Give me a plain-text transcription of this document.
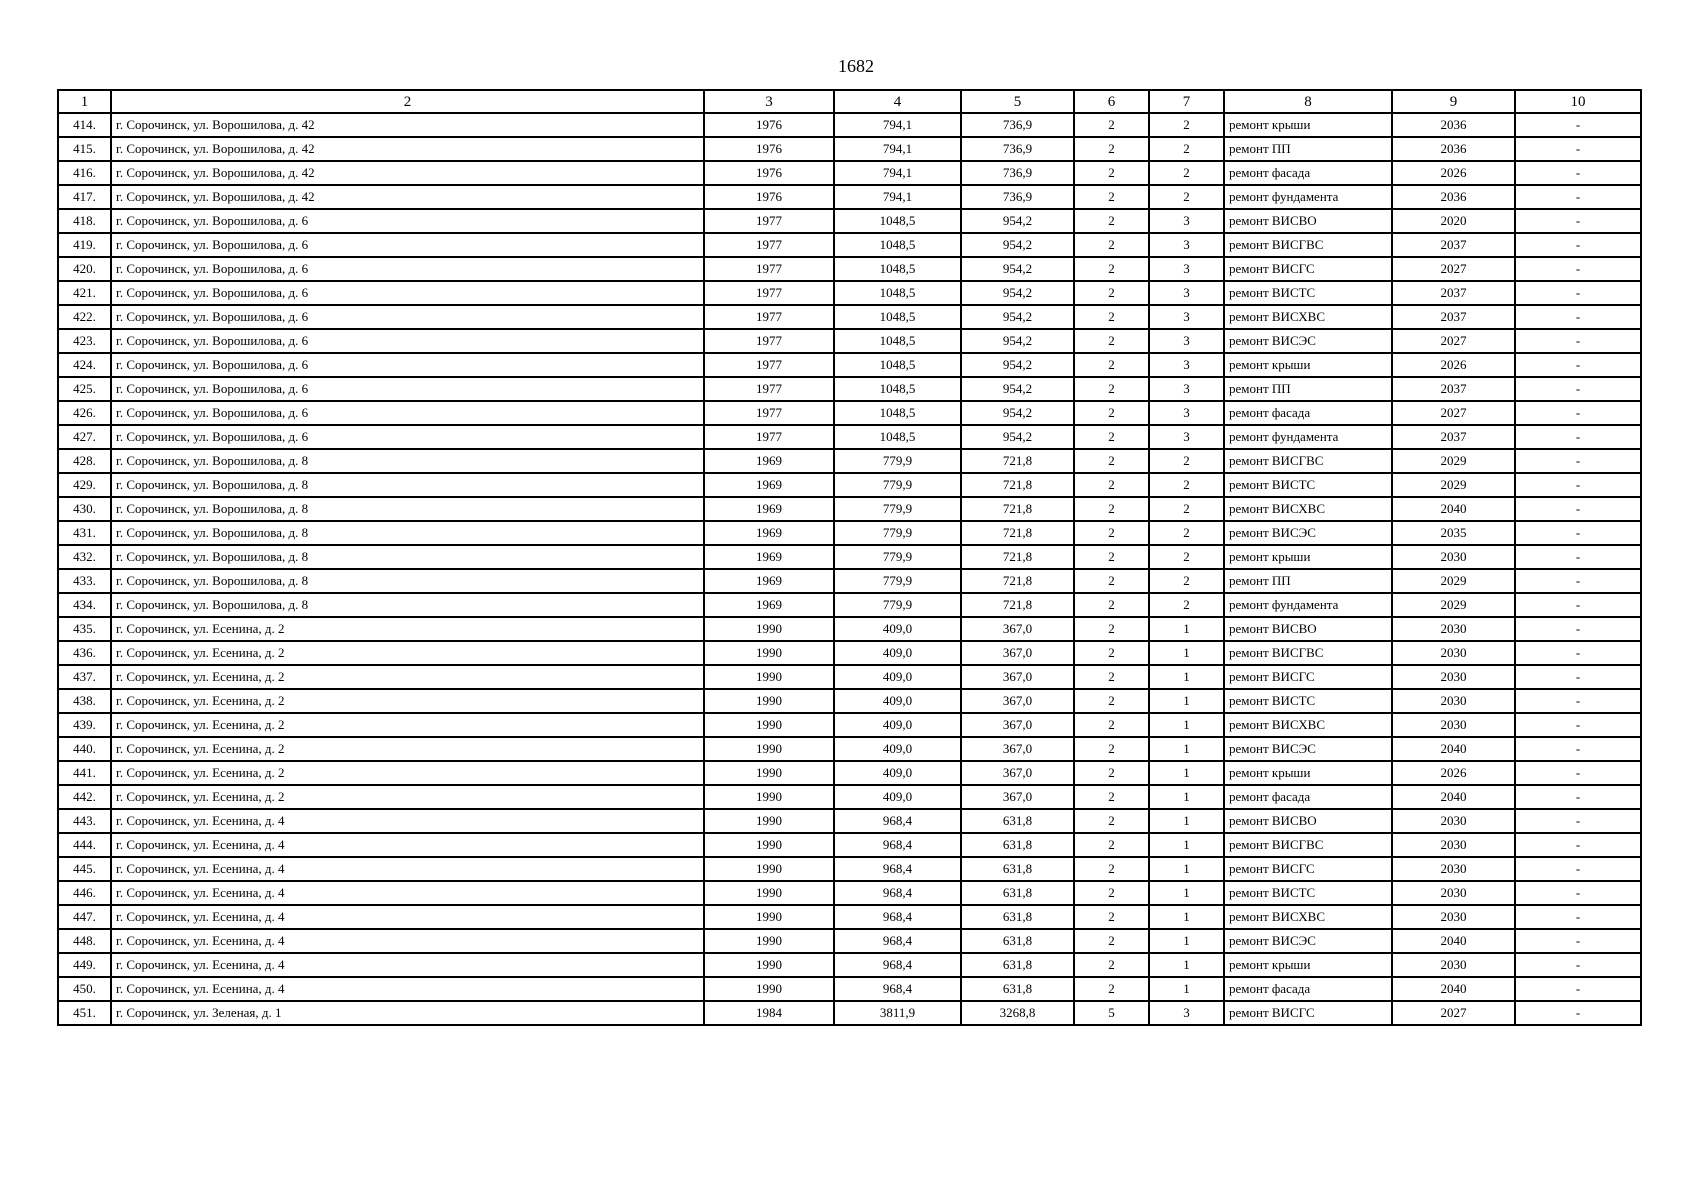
1682
1	2	3	4	5	6	7	8	9	10
414.	г. Сорочинск, ул. Ворошилова, д. 42	1976	794,1	736,9	2	2	ремонт крыши	2036	-
415.	г. Сорочинск, ул. Ворошилова, д. 42	1976	794,1	736,9	2	2	ремонт ПП	2036	-
416.	г. Сорочинск, ул. Ворошилова, д. 42	1976	794,1	736,9	2	2	ремонт фасада	2026	-
417.	г. Сорочинск, ул. Ворошилова, д. 42	1976	794,1	736,9	2	2	ремонт фундамента	2036	-
418.	г. Сорочинск, ул. Ворошилова, д. 6	1977	1048,5	954,2	2	3	ремонт ВИСВО	2020	-
419.	г. Сорочинск, ул. Ворошилова, д. 6	1977	1048,5	954,2	2	3	ремонт ВИСГВС	2037	-
420.	г. Сорочинск, ул. Ворошилова, д. 6	1977	1048,5	954,2	2	3	ремонт ВИСГС	2027	-
421.	г. Сорочинск, ул. Ворошилова, д. 6	1977	1048,5	954,2	2	3	ремонт ВИСТС	2037	-
422.	г. Сорочинск, ул. Ворошилова, д. 6	1977	1048,5	954,2	2	3	ремонт ВИСХВС	2037	-
423.	г. Сорочинск, ул. Ворошилова, д. 6	1977	1048,5	954,2	2	3	ремонт ВИСЭС	2027	-
424.	г. Сорочинск, ул. Ворошилова, д. 6	1977	1048,5	954,2	2	3	ремонт крыши	2026	-
425.	г. Сорочинск, ул. Ворошилова, д. 6	1977	1048,5	954,2	2	3	ремонт ПП	2037	-
426.	г. Сорочинск, ул. Ворошилова, д. 6	1977	1048,5	954,2	2	3	ремонт фасада	2027	-
427.	г. Сорочинск, ул. Ворошилова, д. 6	1977	1048,5	954,2	2	3	ремонт фундамента	2037	-
428.	г. Сорочинск, ул. Ворошилова, д. 8	1969	779,9	721,8	2	2	ремонт ВИСГВС	2029	-
429.	г. Сорочинск, ул. Ворошилова, д. 8	1969	779,9	721,8	2	2	ремонт ВИСТС	2029	-
430.	г. Сорочинск, ул. Ворошилова, д. 8	1969	779,9	721,8	2	2	ремонт ВИСХВС	2040	-
431.	г. Сорочинск, ул. Ворошилова, д. 8	1969	779,9	721,8	2	2	ремонт ВИСЭС	2035	-
432.	г. Сорочинск, ул. Ворошилова, д. 8	1969	779,9	721,8	2	2	ремонт крыши	2030	-
433.	г. Сорочинск, ул. Ворошилова, д. 8	1969	779,9	721,8	2	2	ремонт ПП	2029	-
434.	г. Сорочинск, ул. Ворошилова, д. 8	1969	779,9	721,8	2	2	ремонт фундамента	2029	-
435.	г. Сорочинск, ул. Есенина, д. 2	1990	409,0	367,0	2	1	ремонт ВИСВО	2030	-
436.	г. Сорочинск, ул. Есенина, д. 2	1990	409,0	367,0	2	1	ремонт ВИСГВС	2030	-
437.	г. Сорочинск, ул. Есенина, д. 2	1990	409,0	367,0	2	1	ремонт ВИСГС	2030	-
438.	г. Сорочинск, ул. Есенина, д. 2	1990	409,0	367,0	2	1	ремонт ВИСТС	2030	-
439.	г. Сорочинск, ул. Есенина, д. 2	1990	409,0	367,0	2	1	ремонт ВИСХВС	2030	-
440.	г. Сорочинск, ул. Есенина, д. 2	1990	409,0	367,0	2	1	ремонт ВИСЭС	2040	-
441.	г. Сорочинск, ул. Есенина, д. 2	1990	409,0	367,0	2	1	ремонт крыши	2026	-
442.	г. Сорочинск, ул. Есенина, д. 2	1990	409,0	367,0	2	1	ремонт фасада	2040	-
443.	г. Сорочинск, ул. Есенина, д. 4	1990	968,4	631,8	2	1	ремонт ВИСВО	2030	-
444.	г. Сорочинск, ул. Есенина, д. 4	1990	968,4	631,8	2	1	ремонт ВИСГВС	2030	-
445.	г. Сорочинск, ул. Есенина, д. 4	1990	968,4	631,8	2	1	ремонт ВИСГС	2030	-
446.	г. Сорочинск, ул. Есенина, д. 4	1990	968,4	631,8	2	1	ремонт ВИСТС	2030	-
447.	г. Сорочинск, ул. Есенина, д. 4	1990	968,4	631,8	2	1	ремонт ВИСХВС	2030	-
448.	г. Сорочинск, ул. Есенина, д. 4	1990	968,4	631,8	2	1	ремонт ВИСЭС	2040	-
449.	г. Сорочинск, ул. Есенина, д. 4	1990	968,4	631,8	2	1	ремонт крыши	2030	-
450.	г. Сорочинск, ул. Есенина, д. 4	1990	968,4	631,8	2	1	ремонт фасада	2040	-
451.	г. Сорочинск, ул. Зеленая, д. 1	1984	3811,9	3268,8	5	3	ремонт ВИСГС	2027	-
